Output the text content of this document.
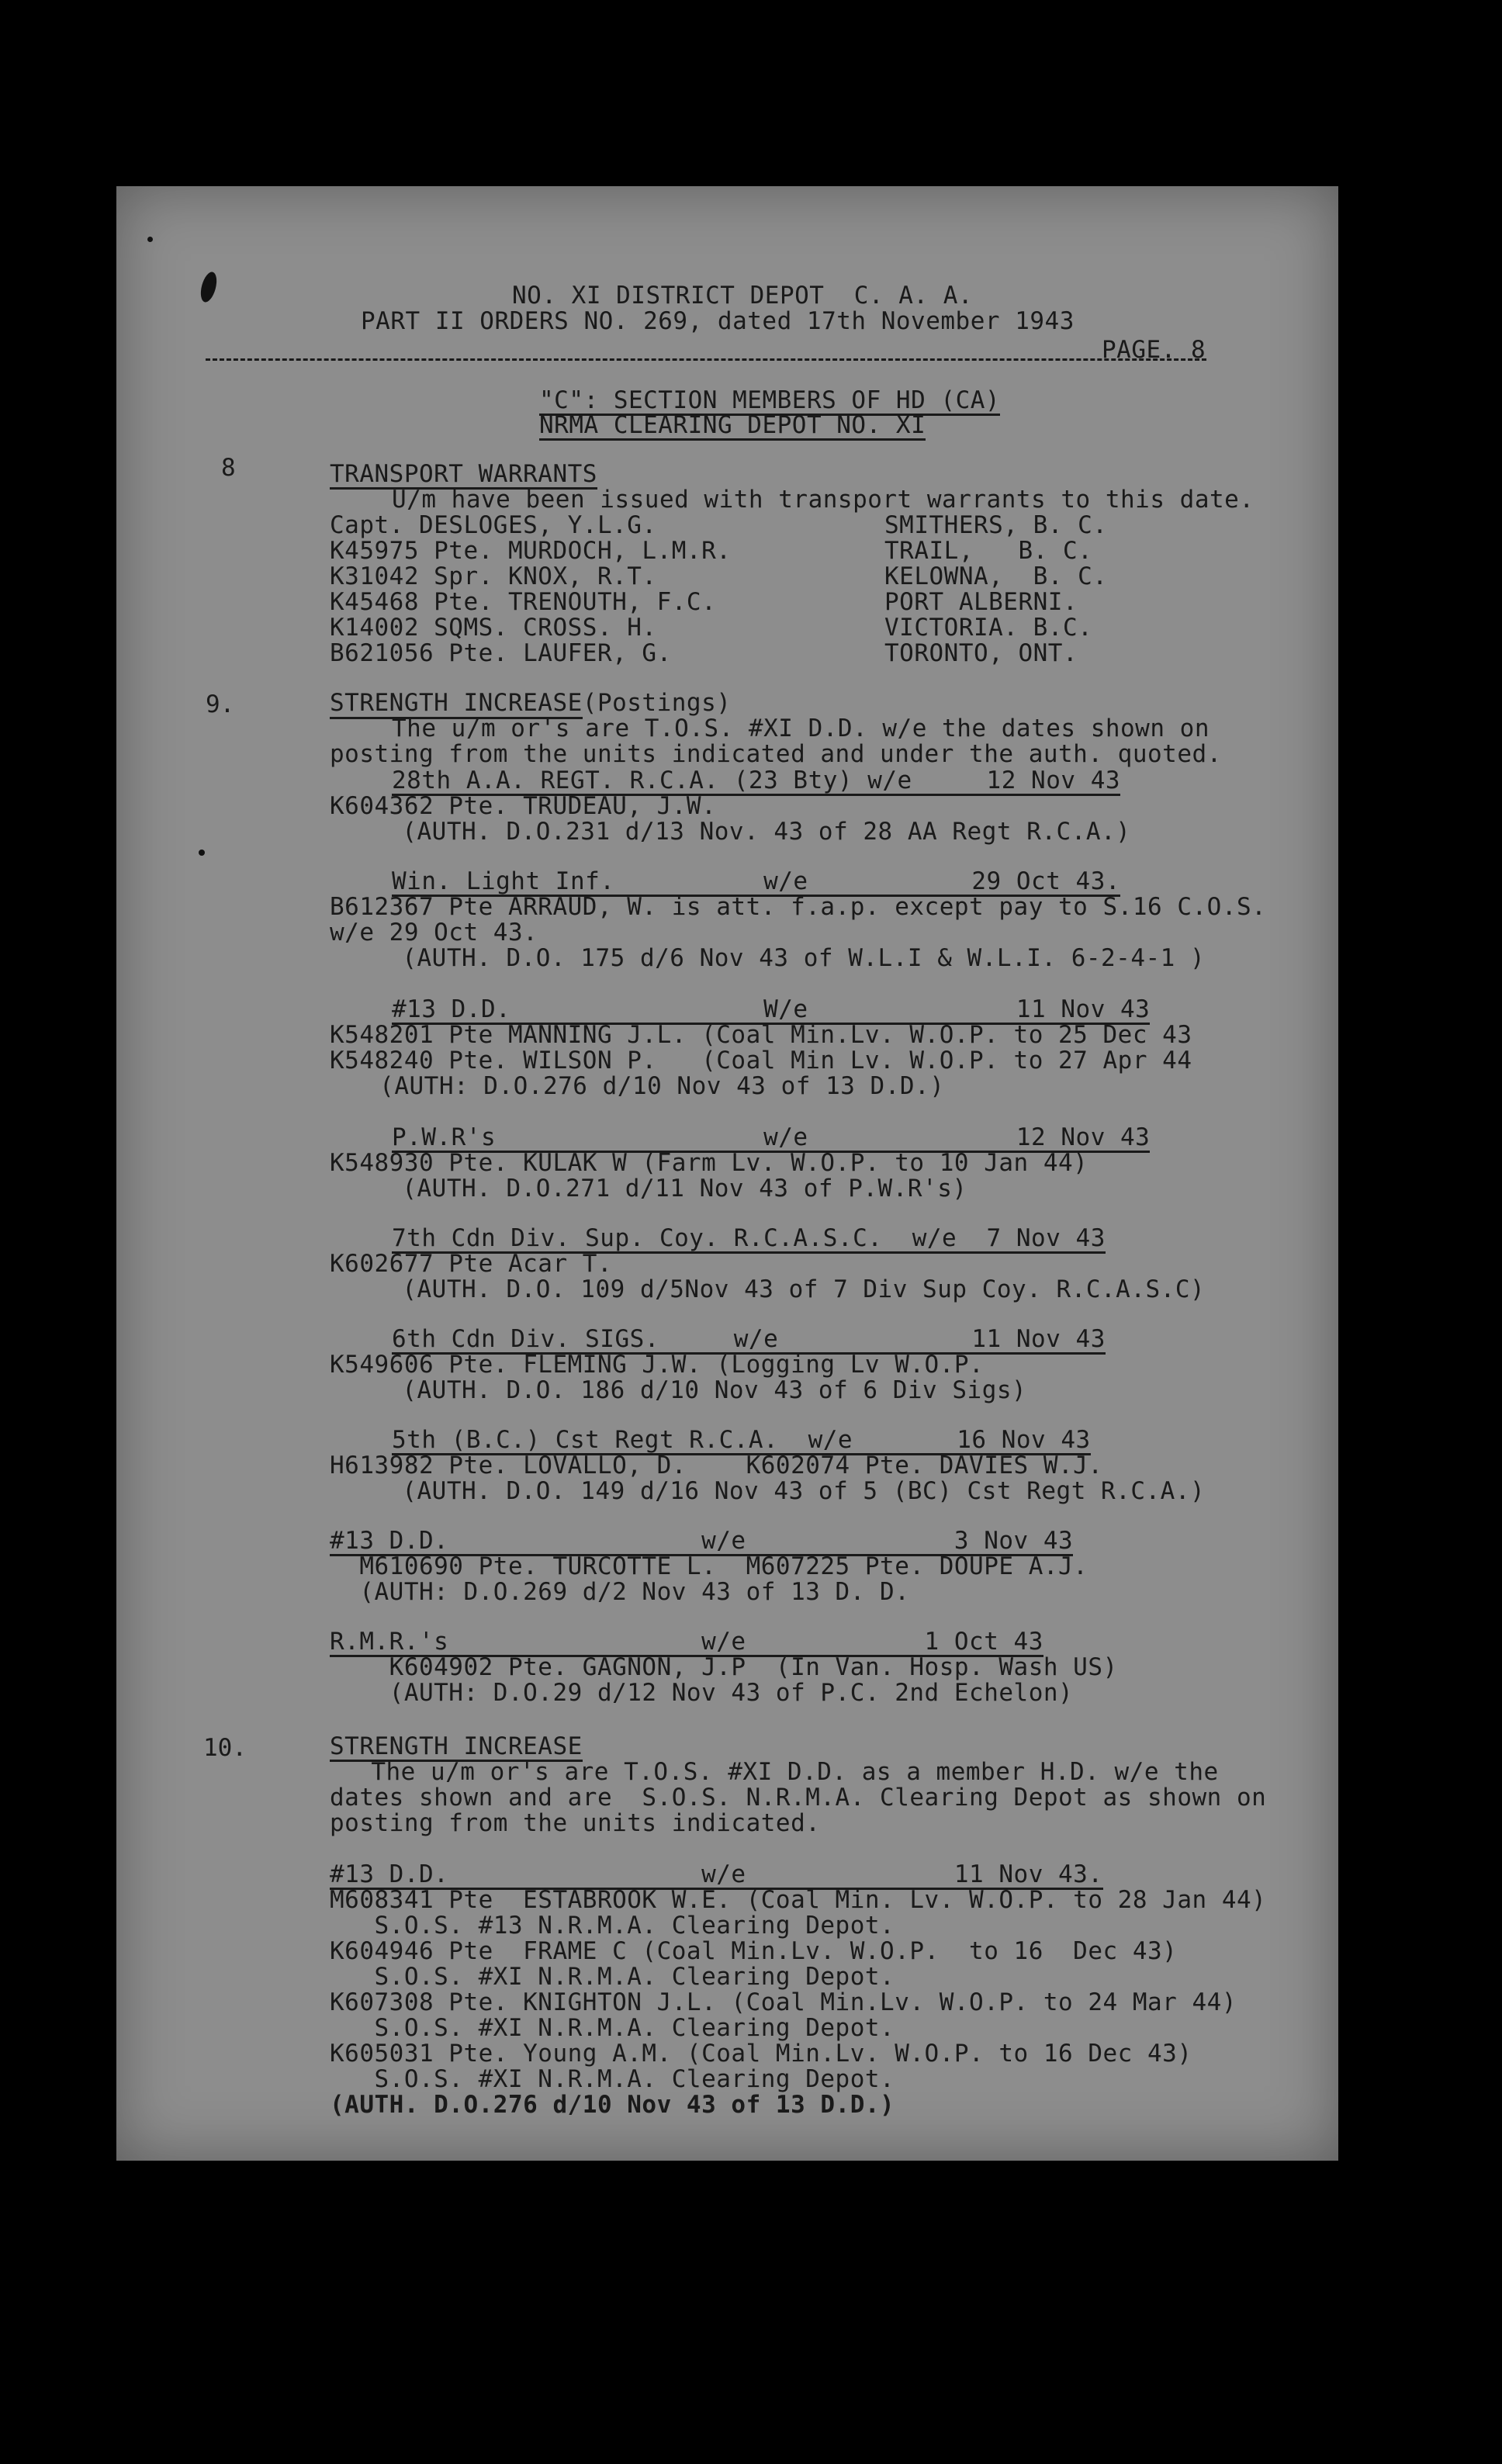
NO. XI DISTRICT DEPOT  C. A. A.
PART II ORDERS NO. 269, dated 17th November 1943
PAGE. 8
"C": SECTION MEMBERS OF HD (CA)
NRMA CLEARING DEPOT NO. XI
8	TRANSPORT WARRANTS
U/m have been issued with transport warrants to this date.
Capt. DESLOGES, Y.L.G.	SMITHERS, B. C.
K45975 Pte. MURDOCH, L.M.R.	TRAIL,   B. C.
K31042 Spr. KNOX, R.T.	KELOWNA,  B. C.
K45468 Pte. TRENOUTH, F.C.	PORT ALBERNI.
K14002 SQMS. CROSS. H.	VICTORIA. B.C.
B621056 Pte. LAUFER, G.	TORONTO, ONT.
9.	STRENGTH INCREASE(Postings)
The u/m or's are T.O.S. #XI D.D. w/e the dates shown on
posting from the units indicated and under the auth. quoted.
28th A.A. REGT. R.C.A. (23 Bty) w/e     12 Nov 43
K604362 Pte. TRUDEAU, J.W.
(AUTH. D.O.231 d/13 Nov. 43 of 28 AA Regt R.C.A.)
Win. Light Inf.          w/e           29 Oct 43.
B612367 Pte ARRAUD, W. is att. f.a.p. except pay to S.16 C.O.S.
w/e 29 Oct 43.
(AUTH. D.O. 175 d/6 Nov 43 of W.L.I & W.L.I. 6-2-4-1 )
#13 D.D.                 W/e              11 Nov 43
K548201 Pte MANNING J.L. (Coal Min.Lv. W.O.P. to 25 Dec 43
K548240 Pte. WILSON P.   (Coal Min Lv. W.O.P. to 27 Apr 44
(AUTH: D.O.276 d/10 Nov 43 of 13 D.D.)
P.W.R's                  w/e              12 Nov 43
K548930 Pte. KULAK W (Farm Lv. W.O.P. to 10 Jan 44)
(AUTH. D.O.271 d/11 Nov 43 of P.W.R's)
7th Cdn Div. Sup. Coy. R.C.A.S.C.  w/e  7 Nov 43
K602677 Pte Acar T.
(AUTH. D.O. 109 d/5Nov 43 of 7 Div Sup Coy. R.C.A.S.C)
6th Cdn Div. SIGS.     w/e             11 Nov 43
K549606 Pte. FLEMING J.W. (Logging Lv W.O.P.
(AUTH. D.O. 186 d/10 Nov 43 of 6 Div Sigs)
5th (B.C.) Cst Regt R.C.A.  w/e       16 Nov 43
H613982 Pte. LOVALLO, D.    K602074 Pte. DAVIES W.J.
(AUTH. D.O. 149 d/16 Nov 43 of 5 (BC) Cst Regt R.C.A.)
#13 D.D.                 w/e              3 Nov 43
M610690 Pte. TURCOTTE L.  M607225 Pte. DOUPE A.J.
(AUTH: D.O.269 d/2 Nov 43 of 13 D. D.
R.M.R.'s                 w/e            1 Oct 43
K604902 Pte. GAGNON, J.P  (In Van. Hosp. Wash US)
(AUTH: D.O.29 d/12 Nov 43 of P.C. 2nd Echelon)
10.	STRENGTH INCREASE
The u/m or's are T.O.S. #XI D.D. as a member H.D. w/e the
dates shown and are  S.O.S. N.R.M.A. Clearing Depot as shown on
posting from the units indicated.
#13 D.D.                 w/e              11 Nov 43.
M608341 Pte  ESTABROOK W.E. (Coal Min. Lv. W.O.P. to 28 Jan 44)
S.O.S. #13 N.R.M.A. Clearing Depot.
K604946 Pte  FRAME C (Coal Min.Lv. W.O.P.  to 16  Dec 43)
S.O.S. #XI N.R.M.A. Clearing Depot.
K607308 Pte. KNIGHTON J.L. (Coal Min.Lv. W.O.P. to 24 Mar 44)
S.O.S. #XI N.R.M.A. Clearing Depot.
K605031 Pte. Young A.M. (Coal Min.Lv. W.O.P. to 16 Dec 43)
S.O.S. #XI N.R.M.A. Clearing Depot.
(AUTH. D.O.276 d/10 Nov 43 of 13 D.D.)
